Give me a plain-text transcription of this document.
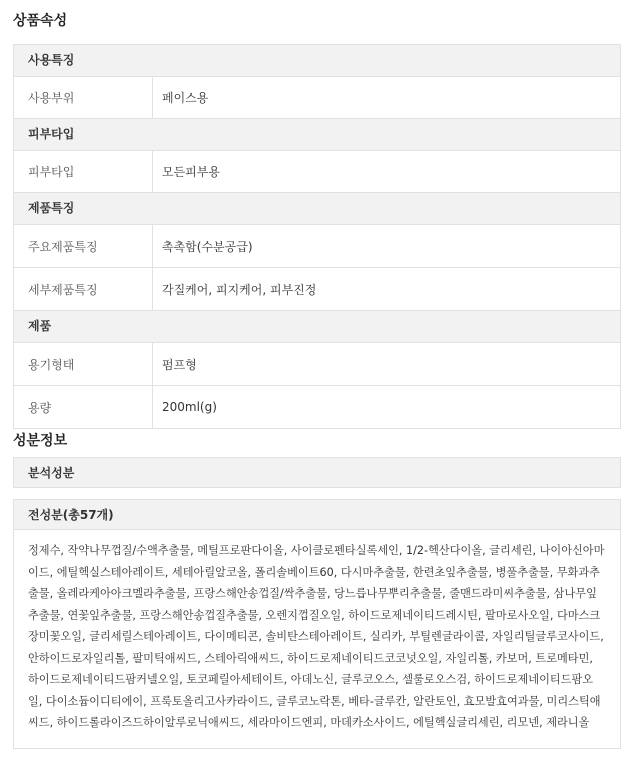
상품속성
사용특징
사용부위	페이스용
피부타입
피부타입	모든피부용
제품특징
주요제품특징	촉촉함(수분공급)
세부제품특징	각질케어, 피지케어, 피부진정
제품
용기형태	펌프형
용량	200ml(g)
성분정보
분석성분
전성분(총57개)
정제수, 작약나무껍질/수액추출물, 메틸프로판다이올, 사이클로펜타실록세인, 1/2-헥산다이올, 글리세린, 나이아신아마이드, 에틸헥실스테아레이트, 세테아릴알코올, 폴리솔베이트60, 다시마추출물, 한련초잎추출물, 병풀추출물, 무화과추출물, 올레라케아아크멜라추출물, 프랑스해안송껍질/싹추출물, 당느릅나무뿌리추출물, 줄맨드라미씨추출물, 삼나무잎추출물, 연꽃잎추출물, 프랑스해안송껍질추출물, 오렌지껍질오일, 하이드로제네이티드레시틴, 팔마로사오일, 다마스크장미꽃오일, 글리세릴스테아레이트, 다이메티콘, 솔비탄스테아레이트, 실리카, 부틸렌글라이콜, 자일리틸글루코사이드, 안하이드로자일리톨, 팔미틱애씨드, 스테아릭애씨드, 하이드로제네이티드코코넛오일, 자일리톨, 카보머, 트로메타민, 하이드로제네이티드팜커넬오일, 토코페릴아세테이트, 아데노신, 글루코오스, 셀룰로오스검, 하이드로제네이티드팜오일, 다이소듐이디티에이, 프룩토올리고사카라이드, 글루코노락톤, 베타-글루칸, 알란토인, 효모발효여과물, 미리스틱애씨드, 하이드롤라이즈드하이알루로닉애씨드, 세라마이드엔피, 마데카소사이드, 에틸헥실글리세린, 리모넨, 제라니올
